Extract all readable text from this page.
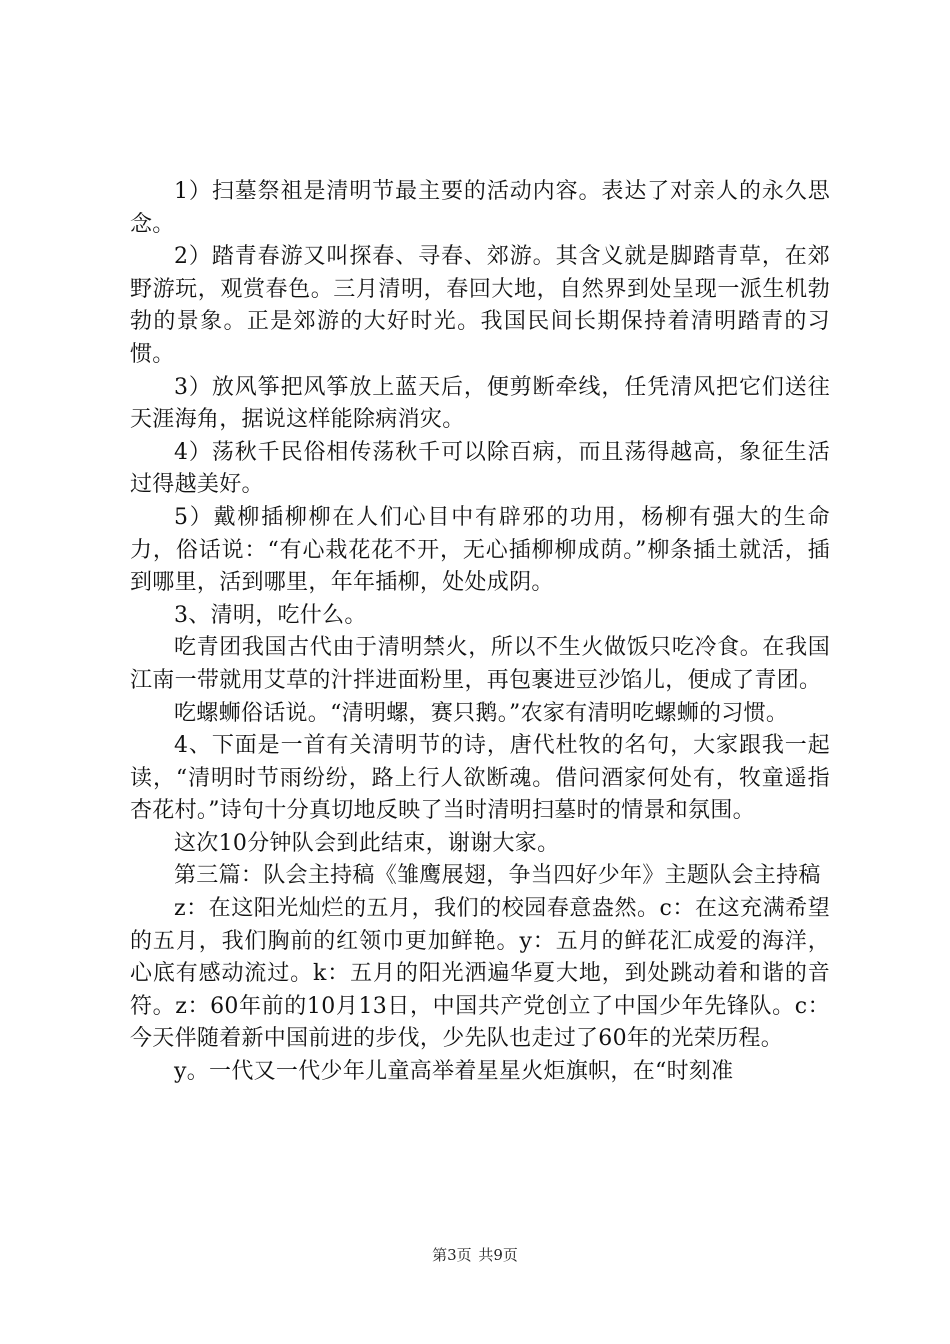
1）扫墓祭祖是清明节最主要的活动内容。表达了对亲人的永久思念。

2）踏青春游又叫探春、寻春、郊游。其含义就是脚踏青草，在郊野游玩，观赏春色。三月清明，春回大地，自然界到处呈现一派生机勃勃的景象。正是郊游的大好时光。我国民间长期保持着清明踏青的习惯。

3）放风筝把风筝放上蓝天后，便剪断牵线，任凭清风把它们送往天涯海角，据说这样能除病消灾。

4）荡秋千民俗相传荡秋千可以除百病，而且荡得越高，象征生活过得越美好。

5）戴柳插柳柳在人们心目中有辟邪的功用，杨柳有强大的生命力，俗话说：“有心栽花花不开，无心插柳柳成荫。”柳条插土就活，插到哪里，活到哪里，年年插柳，处处成阴。

3、清明，吃什么。

吃青团我国古代由于清明禁火，所以不生火做饭只吃冷食。在我国江南一带就用艾草的汁拌进面粉里，再包裹进豆沙馅儿，便成了青团。

吃螺蛳俗话说。“清明螺，赛只鹅。”农家有清明吃螺蛳的习惯。

4、下面是一首有关清明节的诗，唐代杜牧的名句，大家跟我一起读，“清明时节雨纷纷，路上行人欲断魂。借问酒家何处有，牧童遥指杏花村。”诗句十分真切地反映了当时清明扫墓时的情景和氛围。

这次10分钟队会到此结束，谢谢大家。

第三篇：队会主持稿《雏鹰展翅，争当四好少年》主题队会主持稿

z：在这阳光灿烂的五月，我们的校园春意盎然。c：在这充满希望的五月，我们胸前的红领巾更加鲜艳。y：五月的鲜花汇成爱的海洋，心底有感动流过。k：五月的阳光洒遍华夏大地，到处跳动着和谐的音符。z：60年前的10月13日，中国共产党创立了中国少年先锋队。c：今天伴随着新中国前进的步伐，少先队也走过了60年的光荣历程。

y。一代又一代少年儿童高举着星星火炬旗帜，在“时刻准

第3页 共9页
